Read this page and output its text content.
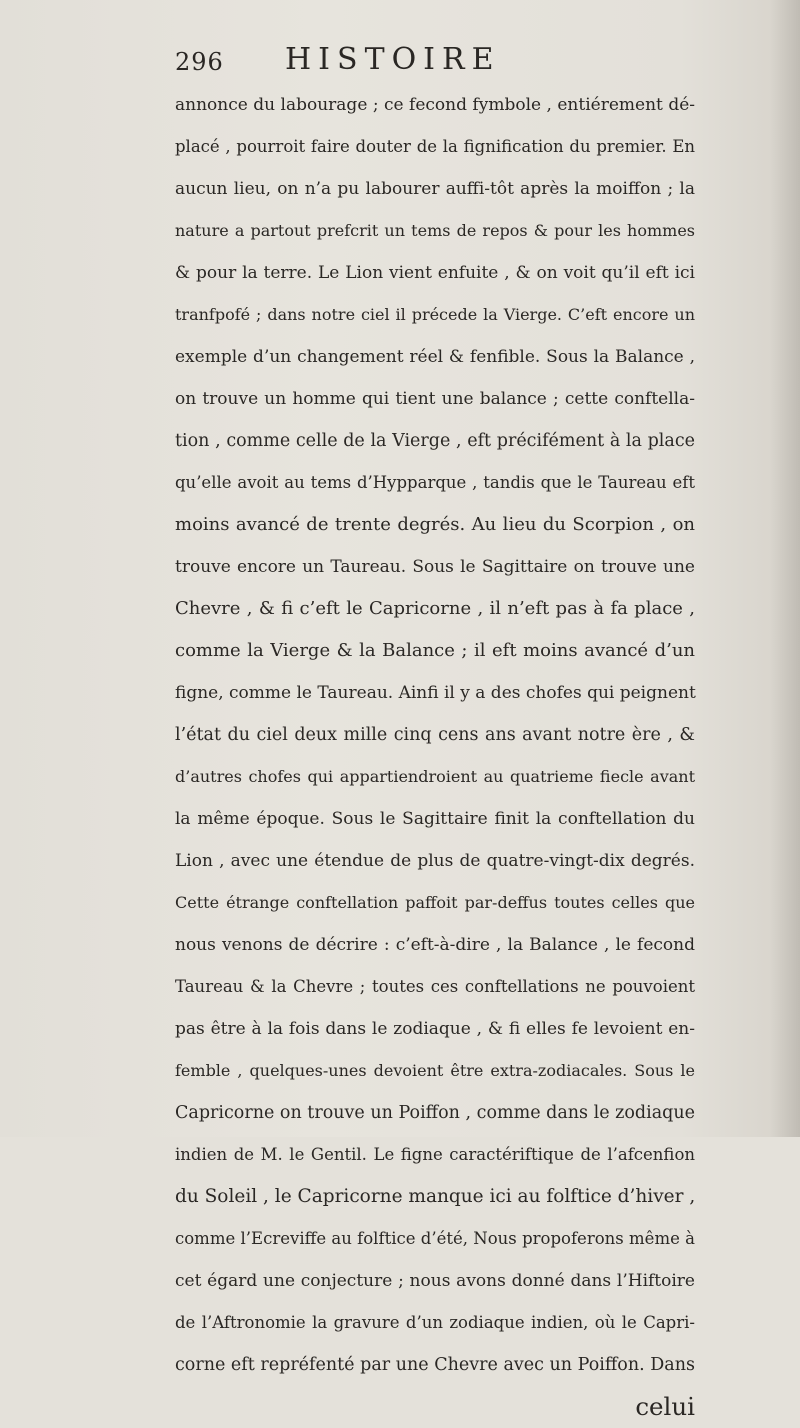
296 HISTOIRE
annonce du labourage ; ce fecond fymbole , entiérement dé-
placé , pourroit faire douter de la fignification du premier. En
aucun lieu, on n’a pu labourer auffi-tôt après la moiffon ; la
nature a partout prefcrit un tems de repos & pour les hommes
& pour la terre. Le Lion vient enfuite , & on voit qu’il eft ici
tranfpofé ; dans notre ciel il précede la Vierge. C’eft encore un
exemple d’un changement réel & fenfible. Sous la Balance ,
on trouve un homme qui tient une balance ; cette conftella-
tion , comme celle de la Vierge , eft précifément à la place
qu’elle avoit au tems d’Hypparque , tandis que le Taureau eft
moins avancé de trente degrés. Au lieu du Scorpion , on
trouve encore un Taureau. Sous le Sagittaire on trouve une
Chevre , & fi c’eft le Capricorne , il n’eft pas à fa place ,
comme la Vierge & la Balance ; il eft moins avancé d’un
figne, comme le Taureau. Ainfi il y a des chofes qui peignent
l’état du ciel deux mille cinq cens ans avant notre ère , &
d’autres chofes qui appartiendroient au quatrieme fiecle avant
la même époque. Sous le Sagittaire finit la conftellation du
Lion , avec une étendue de plus de quatre-vingt-dix degrés.
Cette étrange conftellation paffoit par-deffus toutes celles que
nous venons de décrire : c’eft-à-dire , la Balance , le fecond
Taureau & la Chevre ; toutes ces conftellations ne pouvoient
pas être à la fois dans le zodiaque , & fi elles fe levoient en-
femble , quelques-unes devoient être extra-zodiacales. Sous le
Capricorne on trouve un Poiffon , comme dans le zodiaque
indien de M. le Gentil. Le figne caractériftique de l’afcenfion
du Soleil , le Capricorne manque ici au folftice d’hiver ,
comme l’Ecreviffe au folftice d’été, Nous propoferons même à
cet égard une conjecture ; nous avons donné dans l’Hiftoire
de l’Aftronomie la gravure d’un zodiaque indien, où le Capri-
corne eft repréfenté par une Chevre avec un Poiffon. Dans
celui
